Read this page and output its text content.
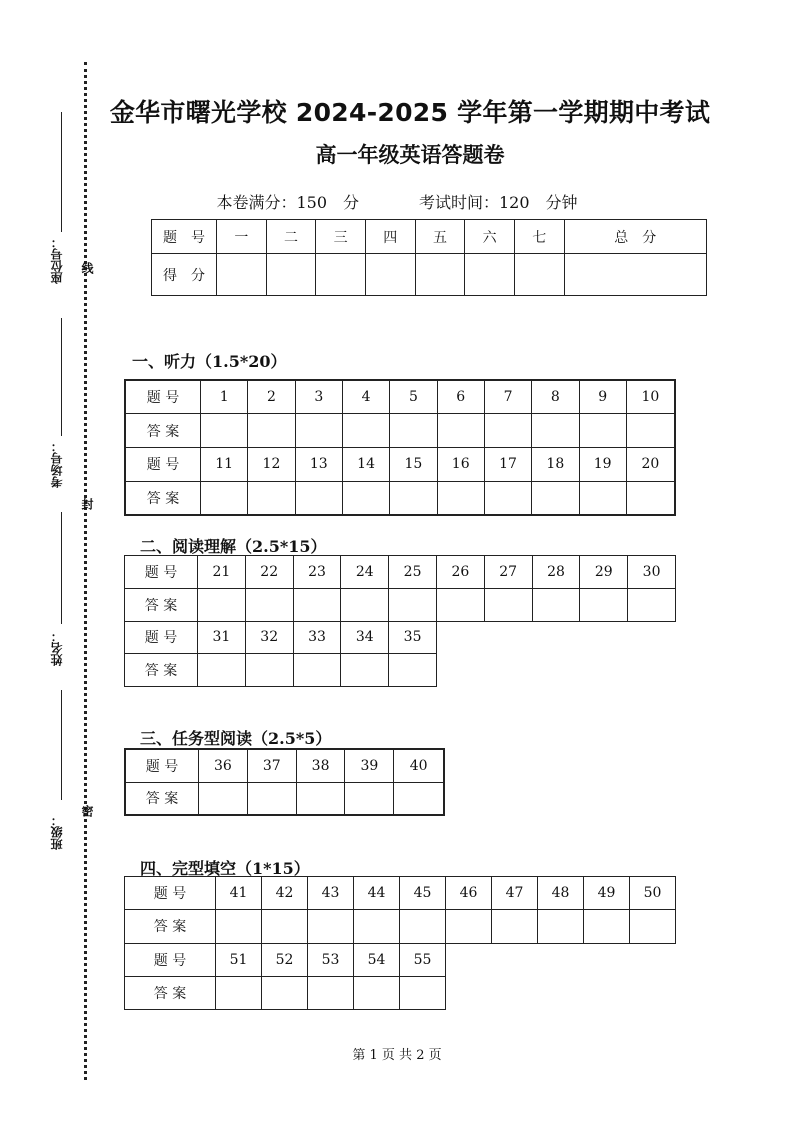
座位号：
考场号：
姓名：
班级：
线
封
密
金华市曙光学校 2024-2025 学年第一学期期中考试
高一年级英语答题卷
本卷满分：150　分	考试时间：120　分钟
题　号	一	二	三	四	五	六	七	总　分
得　分								
一、听力（1.5*20）
题 号	1	2	3	4	5	6	7	8	9	10
答 案										
题 号	11	12	13	14	15	16	17	18	19	20
答 案										
二、阅读理解（2.5*15）
题 号	21	22	23	24	25	26	27	28	29	30
答 案										
题 号	31	32	33	34	35					
答 案										
三、任务型阅读（2.5*5）
题 号	36	37	38	39	40
答 案					
四、完型填空（1*15）
题 号	41	42	43	44	45	46	47	48	49	50
答 案										
题 号	51	52	53	54	55					
答 案										
第 1 页 共 2 页
